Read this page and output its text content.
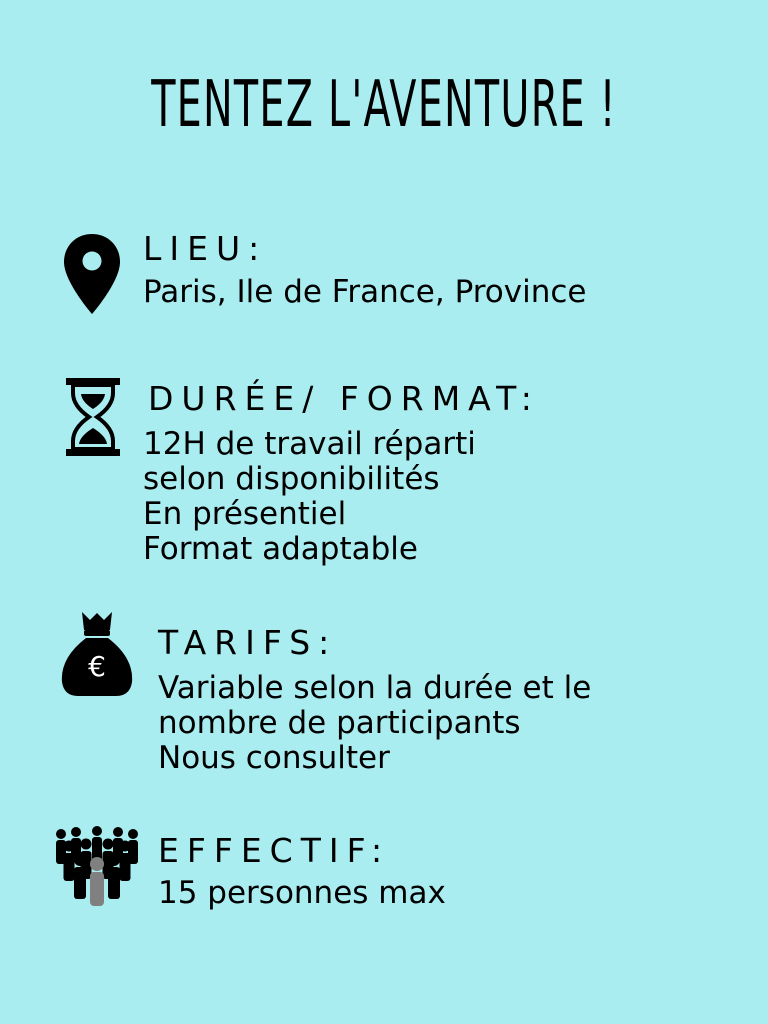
TENTEZ L'AVENTURE !
LIEU:
Paris, Ile de France, Province
DURÉE/ FORMAT:
12H de travail réparti
selon disponibilités
En présentiel
Format adaptable
€
TARIFS:
Variable selon la durée et le
nombre de participants
Nous consulter
EFFECTIF:
15 personnes max
